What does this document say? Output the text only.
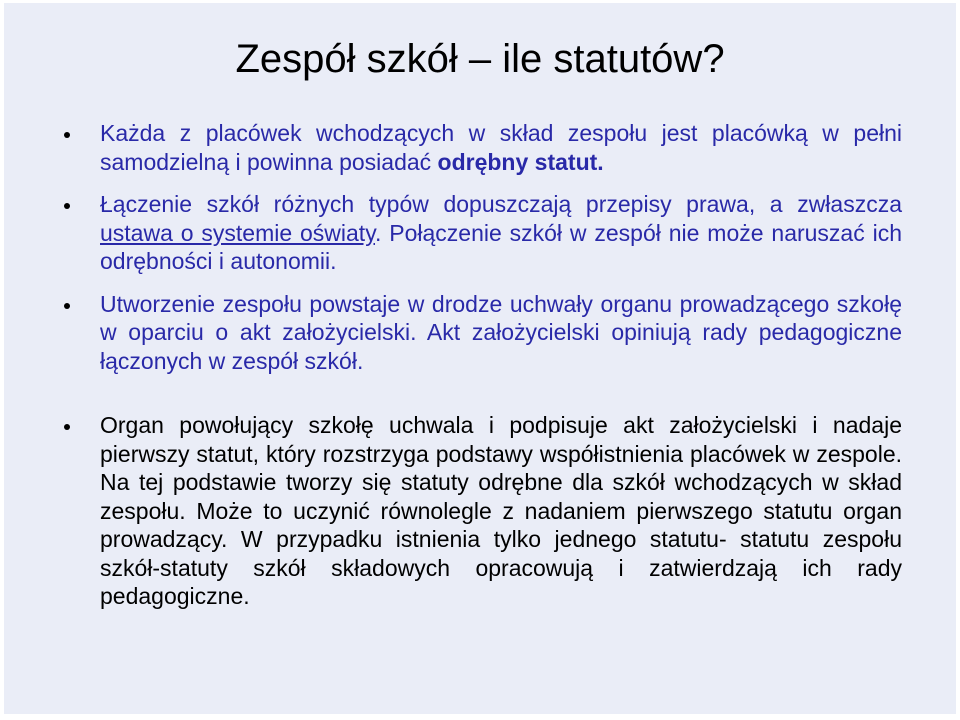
Zespół szkół – ile statutów?
Każda z placówek wchodzących w skład zespołu jest placówką w pełni samodzielną i powinna posiadać odrębny statut.
Łączenie szkół różnych typów dopuszczają przepisy prawa, a zwłaszcza ustawa o systemie oświaty. Połączenie szkół w zespół nie może naruszać ich odrębności i autonomii.
Utworzenie zespołu powstaje w drodze uchwały organu prowadzącego szkołę w oparciu o akt założycielski. Akt założycielski opiniują rady pedagogiczne łączonych w zespół szkół.
Organ powołujący szkołę uchwala i podpisuje akt założycielski i nadaje pierwszy statut, który rozstrzyga podstawy współistnienia placówek w zespole. Na tej podstawie tworzy się statuty odrębne dla szkół wchodzących w skład zespołu. Może to uczynić równolegle z nadaniem pierwszego statutu organ prowadzący. W przypadku istnienia tylko jednego statutu- statutu zespołu szkół-statuty szkół składowych opracowują i zatwierdzają ich rady pedagogiczne.
